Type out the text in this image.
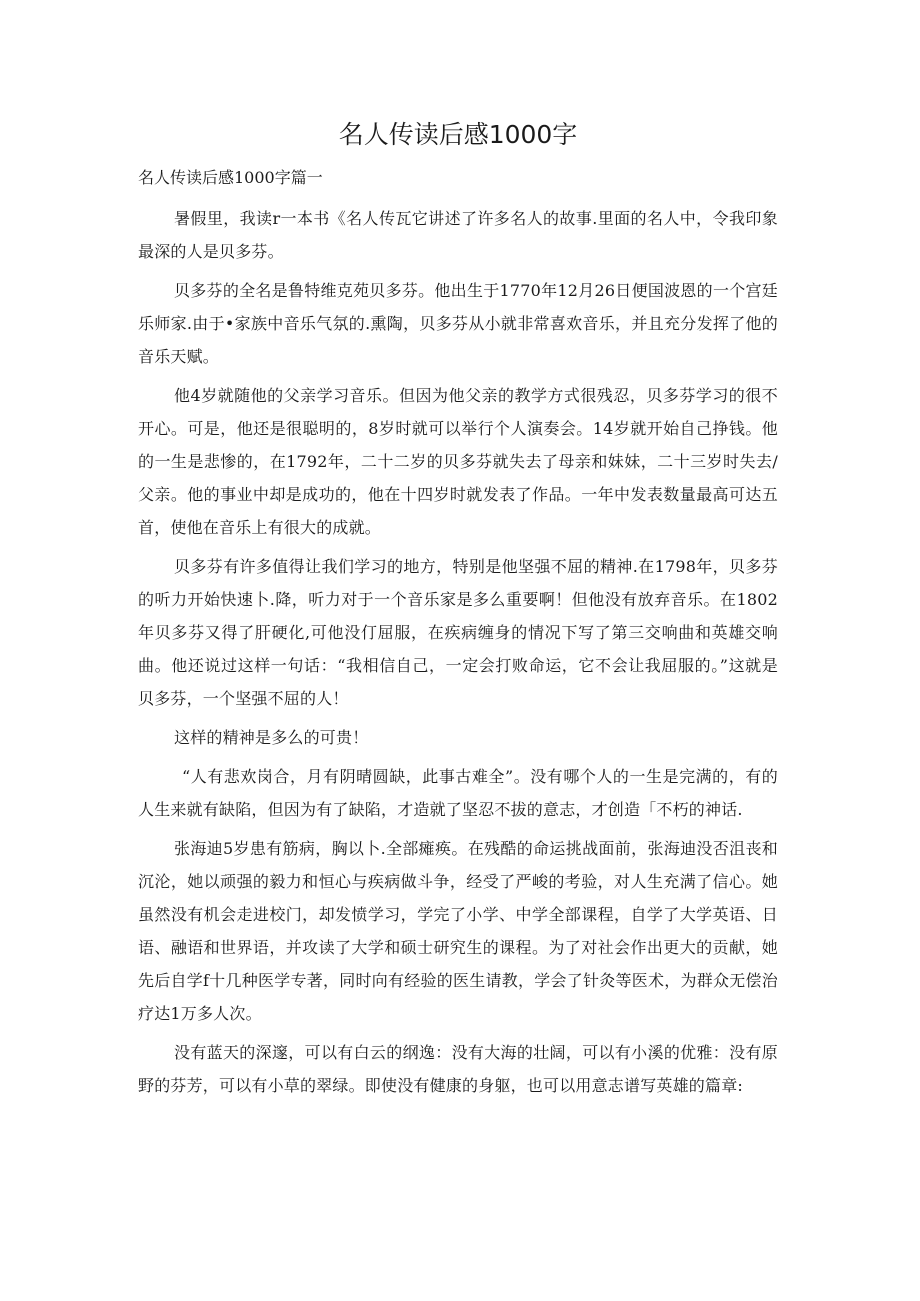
名人传读后感1000字

名人传读后感1000字篇一

暑假里，我读r一本书《名人传瓦它讲述了许多名人的故事.里面的名人中，令我印象最深的人是贝多芬。

贝多芬的全名是鲁特维克苑贝多芬。他出生于1770年12月26日便国波恩的一个宫廷乐师家.由于•家族中音乐气氛的.熏陶，贝多芬从小就非常喜欢音乐，并且充分发挥了他的音乐天赋。

他4岁就随他的父亲学习音乐。但因为他父亲的教学方式很残忍，贝多芬学习的很不开心。可是，他还是很聪明的，8岁时就可以举行个人演奏会。14岁就开始自己挣钱。他的一生是悲惨的，在1792年，二十二岁的贝多芬就失去了母亲和妹妹，二十三岁时失去/父亲。他的事业中却是成功的，他在十四岁时就发表了作品。一年中发表数量最高可达五首，使他在音乐上有很大的成就。

贝多芬有许多值得让我们学习的地方，特别是他坚强不屈的精神.在1798年，贝多芬的听力开始快速卜.降，听力对于一个音乐家是多么重要啊！但他没有放弃音乐。在1802年贝多芬又得了肝硬化,可他没仃屈服，在疾病缠身的情况下写了第三交响曲和英雄交响曲。他还说过这样一句话：“我相信自己，一定会打败命运，它不会让我屈服的。”这就是贝多芬，一个坚强不屈的人！

这样的精神是多么的可贵！

“人有悲欢岗合，月有阴晴圆缺，此事古难全”。没有哪个人的一生是完满的，有的人生来就有缺陷，但因为有了缺陷，才造就了坚忍不拔的意志，才创造「不朽的神话.

张海迪5岁患有筋病，胸以卜.全部瘫痪。在残酷的命运挑战面前，张海迪没否沮丧和沉沦，她以顽强的毅力和恒心与疾病做斗争，经受了严峻的考验，对人生充满了信心。她虽然没有机会走进校门，却发愤学习，学完了小学、中学全部课程，自学了大学英语、日语、融语和世界语，并攻读了大学和硕士研究生的课程。为了对社会作出更大的贡献，她先后自学f十几种医学专著，同时向有经验的医生请教，学会了针灸等医术，为群众无偿治疗达1万多人次。

没有蓝天的深邃，可以有白云的纲逸：没有大海的壮阔，可以有小溪的优雅：没有原野的芬芳，可以有小草的翠绿。即使没有健康的身躯，也可以用意志谱写英雄的篇章:
